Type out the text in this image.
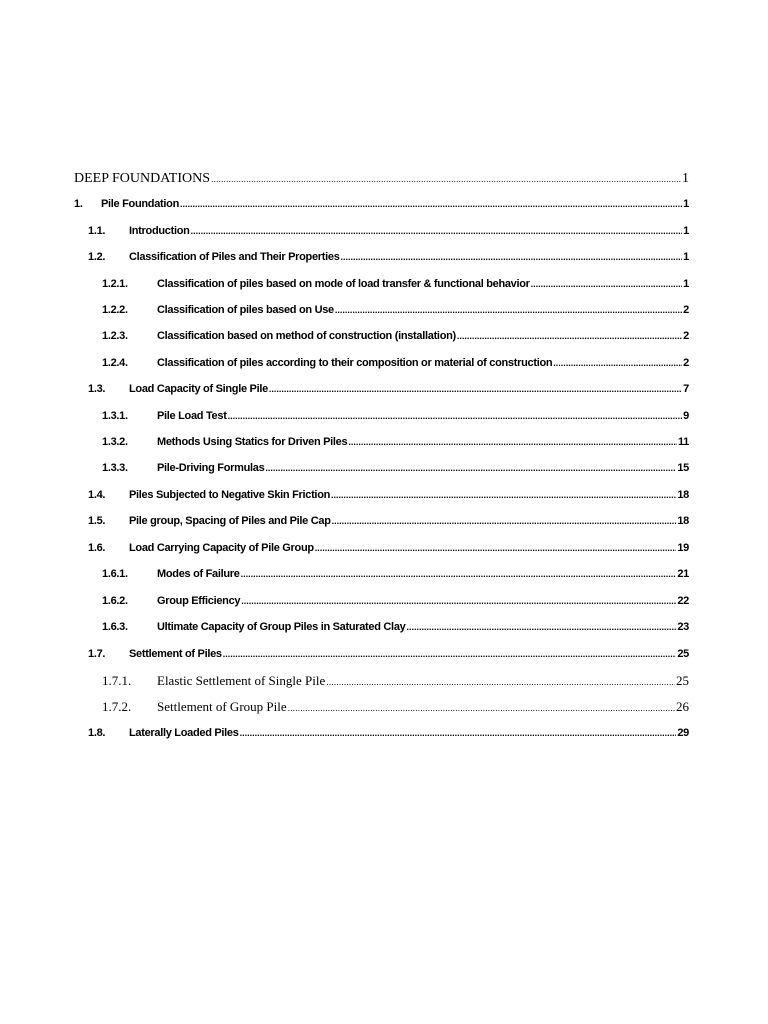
DEEP FOUNDATIONS .....	1
1.	Pile Foundation .....	1
1.1.	Introduction .....	1
1.2.	Classification of Piles and Their Properties .....	1
1.2.1.	Classification of piles based on mode of load transfer & functional behavior .....	1
1.2.2.	Classification of piles based on Use .....	2
1.2.3.	Classification based on method of construction (installation) .....	2
1.2.4.	Classification of piles according to their composition or material of construction .....	2
1.3.	Load Capacity of Single Pile .....	7
1.3.1.	Pile Load Test .....	9
1.3.2.	Methods Using Statics for Driven Piles .....	11
1.3.3.	Pile-Driving Formulas .....	15
1.4.	Piles Subjected to Negative Skin Friction .....	18
1.5.	Pile group, Spacing of Piles and Pile Cap .....	18
1.6.	Load Carrying Capacity of Pile Group .....	19
1.6.1.	Modes of Failure .....	21
1.6.2.	Group Efficiency .....	22
1.6.3.	Ultimate Capacity of Group Piles in Saturated Clay .....	23
1.7.	Settlement of Piles .....	25
1.7.1.	Elastic Settlement of Single Pile .....	25
1.7.2.	Settlement of Group Pile .....	26
1.8.	Laterally Loaded Piles .....	29
